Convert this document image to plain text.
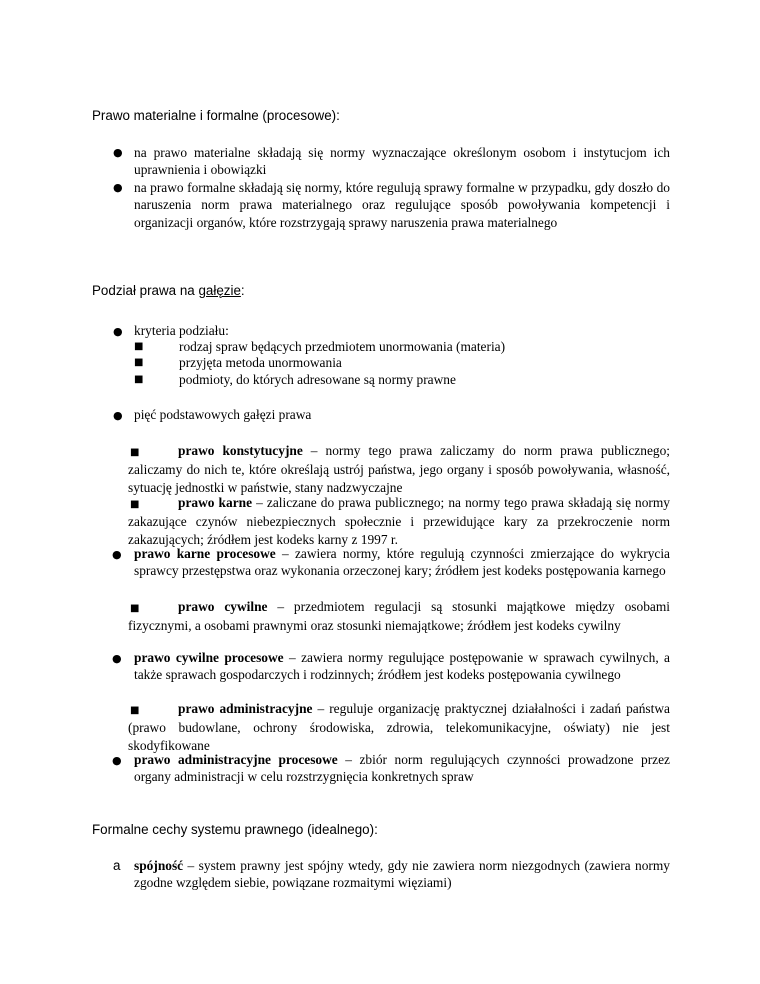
Prawo materialne i formalne (procesowe):
● na prawo materialne składają się normy wyznaczające określonym osobom i instytucjom ich uprawnienia i obowiązki
● na prawo formalne składają się normy, które regulują sprawy formalne w przypadku, gdy doszło do naruszenia norm prawa materialnego oraz regulujące sposób powoływania kompetencji i organizacji organów, które rozstrzygają sprawy naruszenia prawa materialnego
Podział prawa na gałęzie:
● kryteria podziału:
■	rodzaj spraw będących przedmiotem unormowania (materia)
■	przyjęta metoda unormowania
■	podmioty, do których adresowane są normy prawne
● pięć podstawowych gałęzi prawa
■	prawo konstytucyjne – normy tego prawa zaliczamy do norm prawa publicznego; zaliczamy do nich te, które określają ustrój państwa, jego organy i sposób powoływania, własność, sytuację jednostki w państwie, stany nadzwyczajne
■	prawo karne – zaliczane do prawa publicznego; na normy tego prawa składają się normy zakazujące czynów niebezpiecznych społecznie i przewidujące kary za przekroczenie norm zakazujących; źródłem jest kodeks karny z 1997 r.
● prawo karne procesowe – zawiera normy, które regulują czynności zmierzające do wykrycia sprawcy przestępstwa oraz wykonania orzeczonej kary; źródłem jest kodeks postępowania karnego
■	prawo cywilne – przedmiotem regulacji są stosunki majątkowe między osobami fizycznymi, a osobami prawnymi oraz stosunki niemajątkowe; źródłem jest kodeks cywilny
● prawo cywilne procesowe – zawiera normy regulujące postępowanie w sprawach cywilnych, a także sprawach gospodarczych i rodzinnych; źródłem jest kodeks postępowania cywilnego
■	prawo administracyjne – reguluje organizację praktycznej działalności i zadań państwa (prawo budowlane, ochrony środowiska, zdrowia, telekomunikacyjne, oświaty) nie jest skodyfikowane
● prawo administracyjne procesowe – zbiór norm regulujących czynności prowadzone przez organy administracji w celu rozstrzygnięcia konkretnych spraw
Formalne cechy systemu prawnego (idealnego):
a spójność – system prawny jest spójny wtedy, gdy nie zawiera norm niezgodnych (zawiera normy zgodne względem siebie, powiązane rozmaitymi więziami)
